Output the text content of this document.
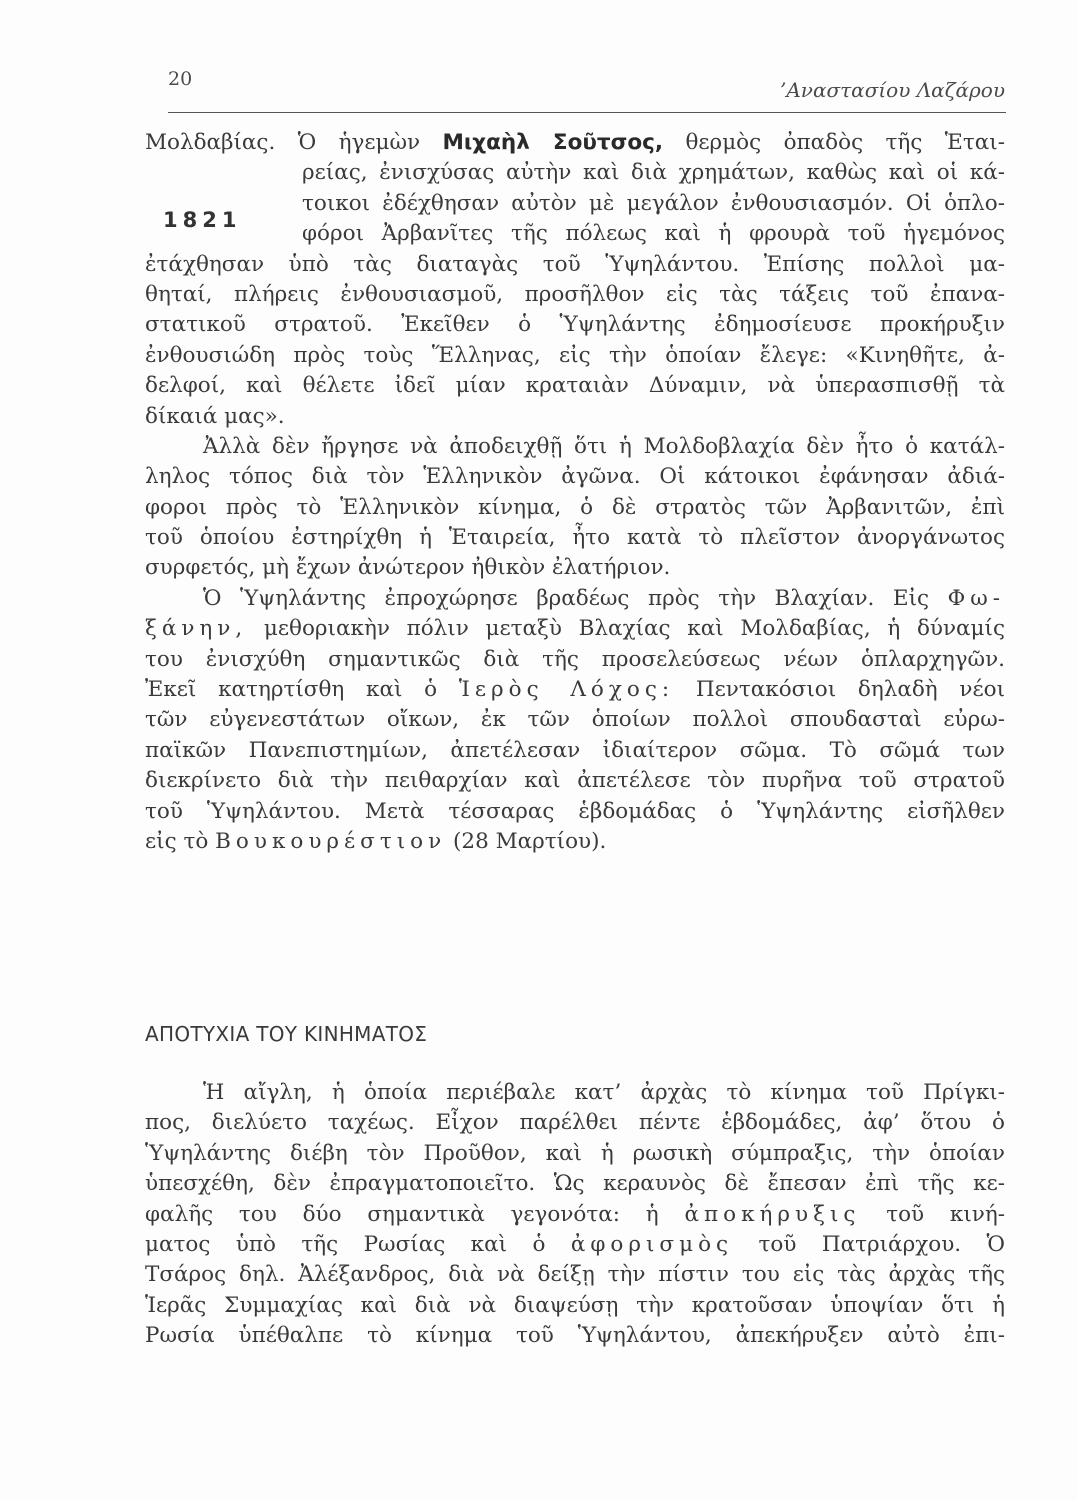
20	’Αναστασίου Λαζάρου
1821
Μολδαβίας. Ὁ ἡγεμὼν Μιχαὴλ Σοῦτσος, θερμὸς ὀπαδὸς τῆς Ἑται-
ρείας, ἐνισχύσας αὐτὴν καὶ διὰ χρημάτων, καθὼς καὶ οἱ κά-
τοικοι ἐδέχθησαν αὐτὸν μὲ μεγάλον ἐνθουσιασμόν. Οἱ ὁπλο-
φόροι Ἀρβανῖτες τῆς πόλεως καὶ ἡ φρουρὰ τοῦ ἡγεμόνος
ἐτάχθησαν ὑπὸ τὰς διαταγὰς τοῦ Ὑψηλάντου. Ἐπίσης πολλοὶ μα-
θηταί, πλήρεις ἐνθουσιασμοῦ, προσῆλθον εἰς τὰς τάξεις τοῦ ἐπανα-
στατικοῦ στρατοῦ. Ἐκεῖθεν ὁ Ὑψηλάντης ἐδημοσίευσε προκήρυξιν
ἐνθουσιώδη πρὸς τοὺς Ἕλληνας, εἰς τὴν ὁποίαν ἔλεγε: «Κινηθῆτε, ἀ-
δελφοί, καὶ θέλετε ἰδεῖ μίαν κραταιὰν Δύναμιν, νὰ ὑπερασπισθῇ τὰ
δίκαιά μας».
Ἀλλὰ δὲν ἤργησε νὰ ἀποδειχθῇ ὅτι ἡ Μολδοβλαχία δὲν ἦτο ὁ κατάλ-
ληλος τόπος διὰ τὸν Ἑλληνικὸν ἀγῶνα. Οἱ κάτοικοι ἐφάνησαν ἀδιά-
φοροι πρὸς τὸ Ἑλληνικὸν κίνημα, ὁ δὲ στρατὸς τῶν Ἀρβανιτῶν, ἐπὶ
τοῦ ὁποίου ἐστηρίχθη ἡ Ἑταιρεία, ἦτο κατὰ τὸ πλεῖστον ἀνοργάνωτος
συρφετός, μὴ ἔχων ἀνώτερον ἠθικὸν ἐλατήριον.
Ὁ Ὑψηλάντης ἐπροχώρησε βραδέως πρὸς τὴν Βλαχίαν. Εἰς Φω-
ξάνην, μεθοριακὴν πόλιν μεταξὺ Βλαχίας καὶ Μολδαβίας, ἡ δύναμίς
του ἐνισχύθη σημαντικῶς διὰ τῆς προσελεύσεως νέων ὁπλαρχηγῶν.
Ἐκεῖ κατηρτίσθη καὶ ὁ Ἱερὸς Λόχος: Πεντακόσιοι δηλαδὴ νέοι
τῶν εὐγενεστάτων οἴκων, ἐκ τῶν ὁποίων πολλοὶ σπουδασταὶ εὐρω-
παϊκῶν Πανεπιστημίων, ἀπετέλεσαν ἰδιαίτερον σῶμα. Τὸ σῶμά των
διεκρίνετο διὰ τὴν πειθαρχίαν καὶ ἀπετέλεσε τὸν πυρῆνα τοῦ στρατοῦ
τοῦ Ὑψηλάντου. Μετὰ τέσσαρας ἑβδομάδας ὁ Ὑψηλάντης εἰσῆλθεν
εἰς τὸ Βουκουρέστιον (28 Μαρτίου).
ΑΠΟΤΥΧΙΑ ΤΟΥ ΚΙΝΗΜΑΤΟΣ
Ἡ αἴγλη, ἡ ὁποία περιέβαλε κατ’ ἀρχὰς τὸ κίνημα τοῦ Πρίγκι-
πος, διελύετο ταχέως. Εἶχον παρέλθει πέντε ἑβδομάδες, ἀφ’ ὅτου ὁ
Ὑψηλάντης διέβη τὸν Προῦθον, καὶ ἡ ρωσικὴ σύμπραξις, τὴν ὁποίαν
ὑπεσχέθη, δὲν ἐπραγματοποιεῖτο. Ὡς κεραυνὸς δὲ ἔπεσαν ἐπὶ τῆς κε-
φαλῆς του δύο σημαντικὰ γεγονότα: ἡ ἀποκήρυξις τοῦ κινή-
ματος ὑπὸ τῆς Ρωσίας καὶ ὁ ἀφορισμὸς τοῦ Πατριάρχου. Ὁ
Τσάρος δηλ. Ἀλέξανδρος, διὰ νὰ δείξῃ τὴν πίστιν του εἰς τὰς ἀρχὰς τῆς
Ἱερᾶς Συμμαχίας καὶ διὰ νὰ διαψεύσῃ τὴν κρατοῦσαν ὑποψίαν ὅτι ἡ
Ρωσία ὑπέθαλπε τὸ κίνημα τοῦ Ὑψηλάντου, ἀπεκήρυξεν αὐτὸ ἐπι-
